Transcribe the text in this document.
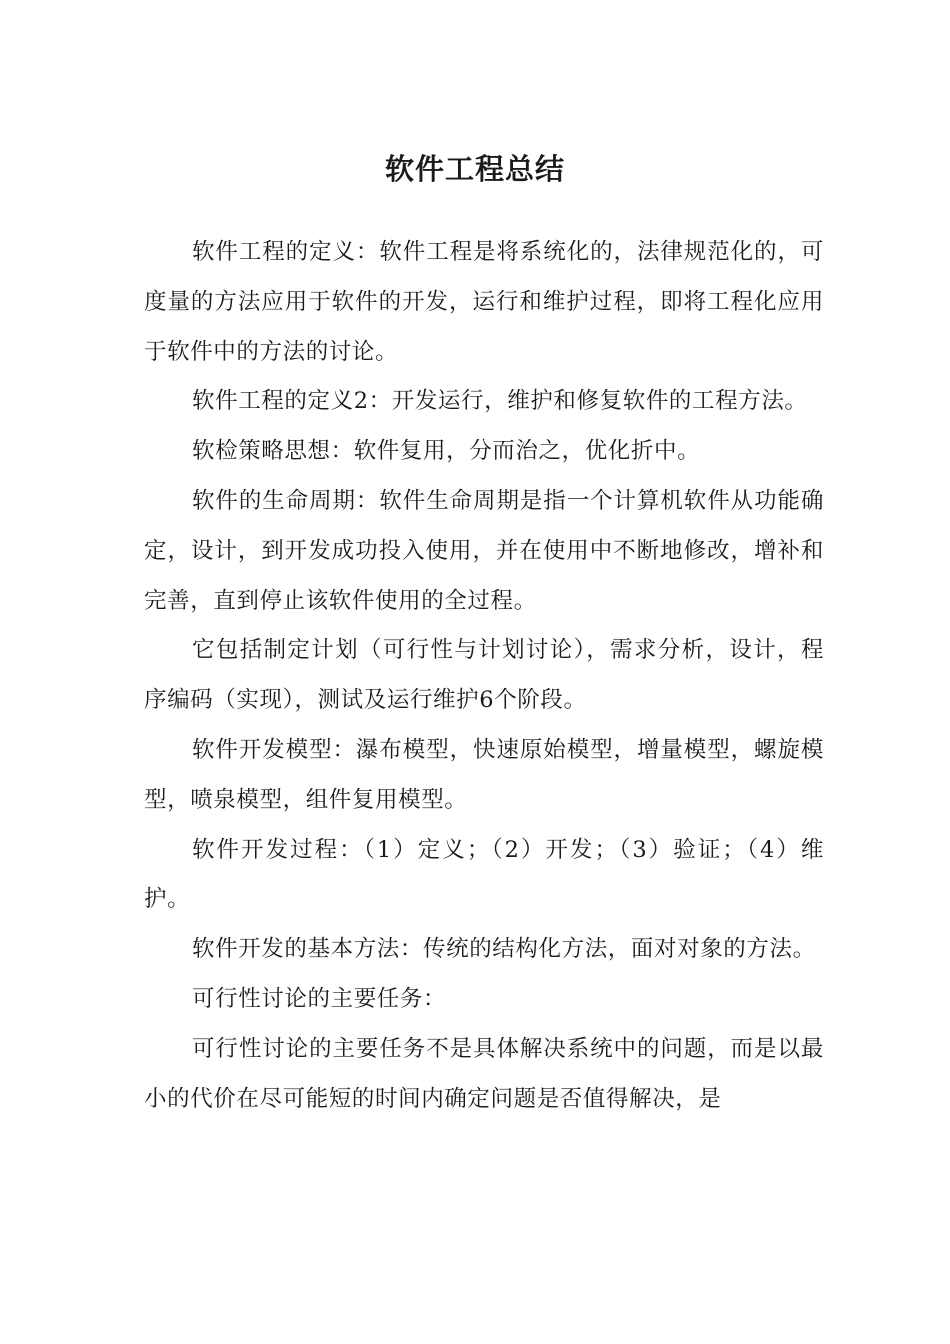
软件工程总结

软件工程的定义：软件工程是将系统化的，法律规范化的，可度量的方法应用于软件的开发，运行和维护过程，即将工程化应用于软件中的方法的讨论。

软件工程的定义2：开发运行，维护和修复软件的工程方法。

软检策略思想：软件复用，分而治之，优化折中。

软件的生命周期：软件生命周期是指一个计算机软件从功能确定，设计，到开发成功投入使用，并在使用中不断地修改，增补和完善，直到停止该软件使用的全过程。

它包括制定计划（可行性与计划讨论），需求分析，设计，程序编码（实现），测试及运行维护6个阶段。

软件开发模型：瀑布模型，快速原始模型，增量模型，螺旋模型，喷泉模型，组件复用模型。

软件开发过程：（1）定义；（2）开发；（3）验证；（4）维护。

软件开发的基本方法：传统的结构化方法，面对对象的方法。

可行性讨论的主要任务：

可行性讨论的主要任务不是具体解决系统中的问题，而是以最小的代价在尽可能短的时间内确定问题是否值得解决，是
